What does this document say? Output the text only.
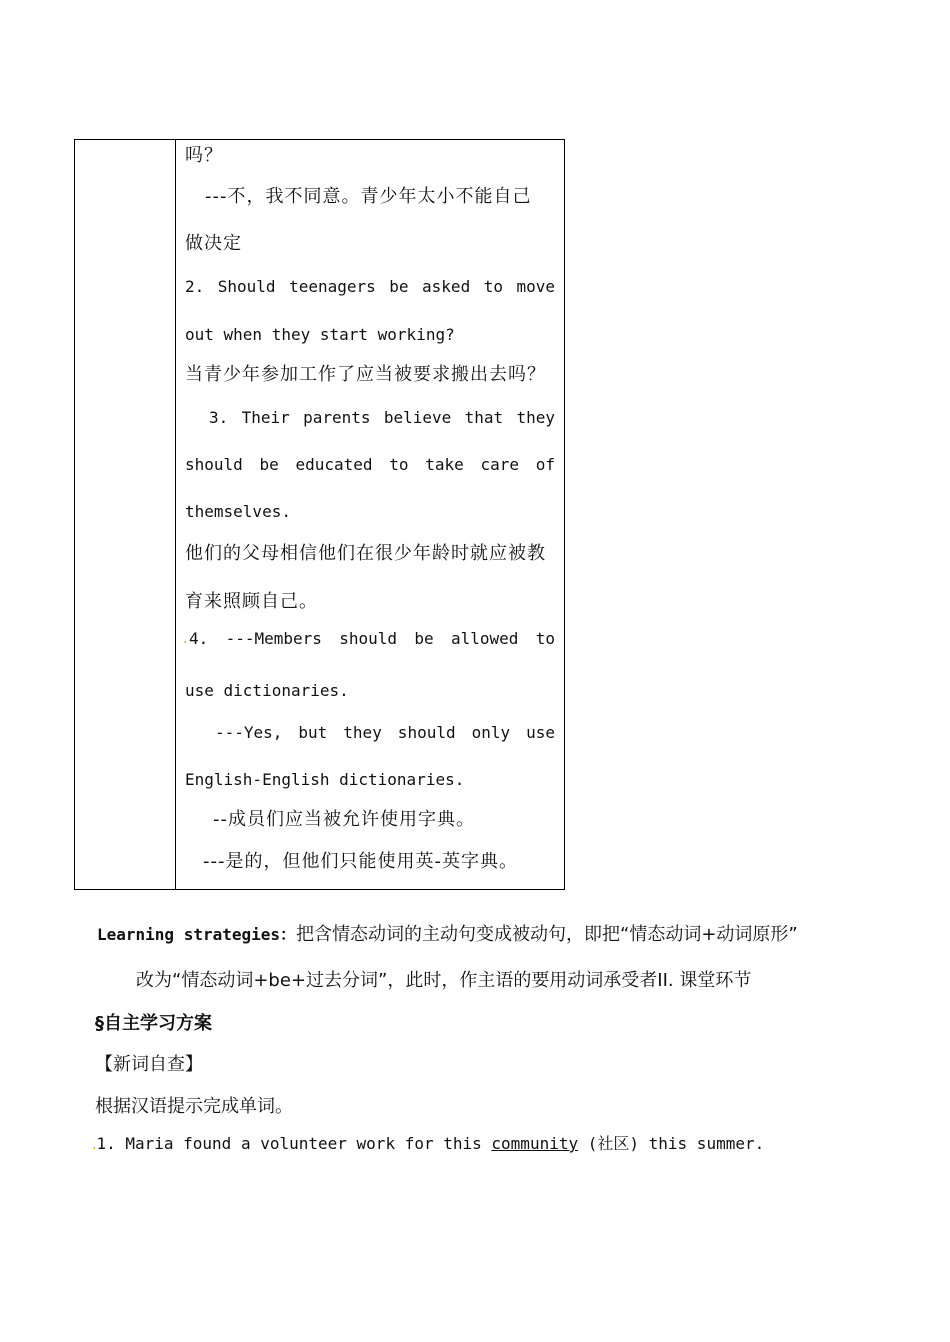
吗？
---不，我不同意。青少年太小不能自己
做决定
2. Should teenagers be asked to move
out when they start working?
当青少年参加工作了应当被要求搬出去吗？
3. Their parents believe that they
should be educated to take care of
themselves.
他们的父母相信他们在很少年龄时就应被教
育来照顾自己。
. 4. ---Members should be allowed to
use dictionaries.
---Yes, but they should only use
English-English dictionaries.
--成员们应当被允许使用字典。
---是的，但他们只能使用英-英字典。
Learning strategies：把含情态动词的主动句变成被动句，即把“情态动词+动词原形”
改为“情态动词+be+过去分词”，此时，作主语的要用动词承受者II. 课堂环节
§自主学习方案
【新词自查】
根据汉语提示完成单词。
.1. Maria found a volunteer work for this community (社区) this summer.
